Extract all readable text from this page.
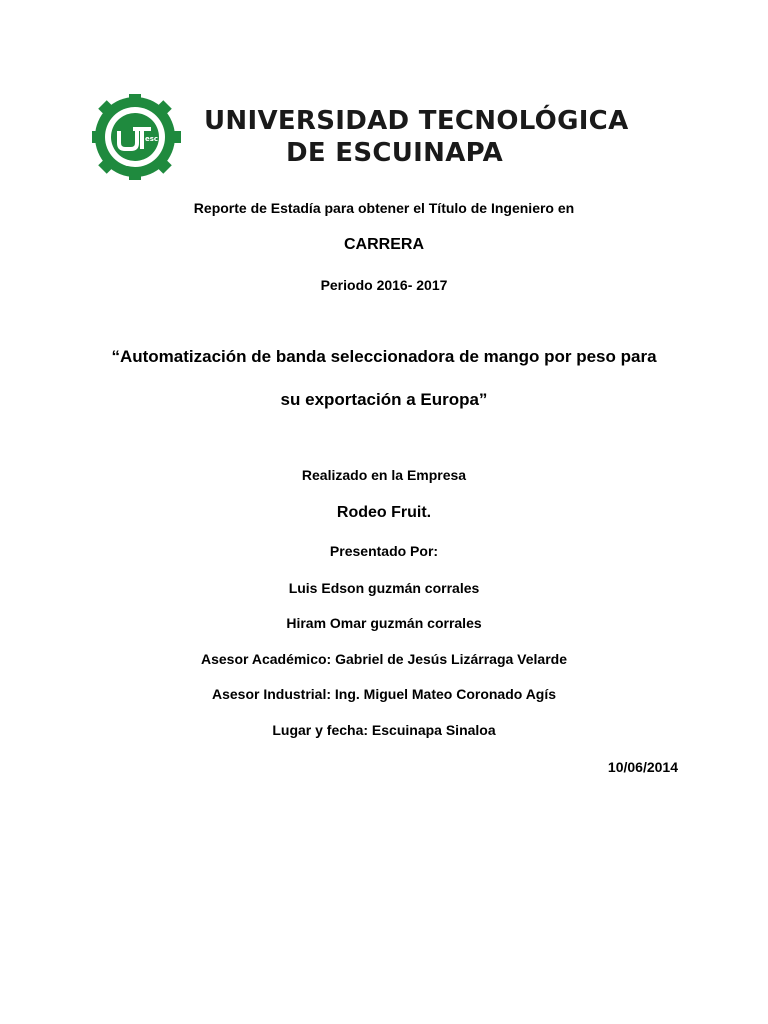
esc
UNIVERSIDAD TECNOLÓGICA
DE ESCUINAPA
Reporte de Estadía para obtener el Título de Ingeniero en
CARRERA
Periodo 2016- 2017
“Automatización de banda seleccionadora de mango por peso para
su exportación a Europa”
Realizado en la Empresa
Rodeo Fruit.
Presentado Por:
Luis Edson guzmán corrales
Hiram Omar guzmán corrales
Asesor Académico: Gabriel de Jesús Lizárraga Velarde
Asesor Industrial: Ing. Miguel Mateo Coronado Agís
Lugar y fecha: Escuinapa Sinaloa
10/06/2014
